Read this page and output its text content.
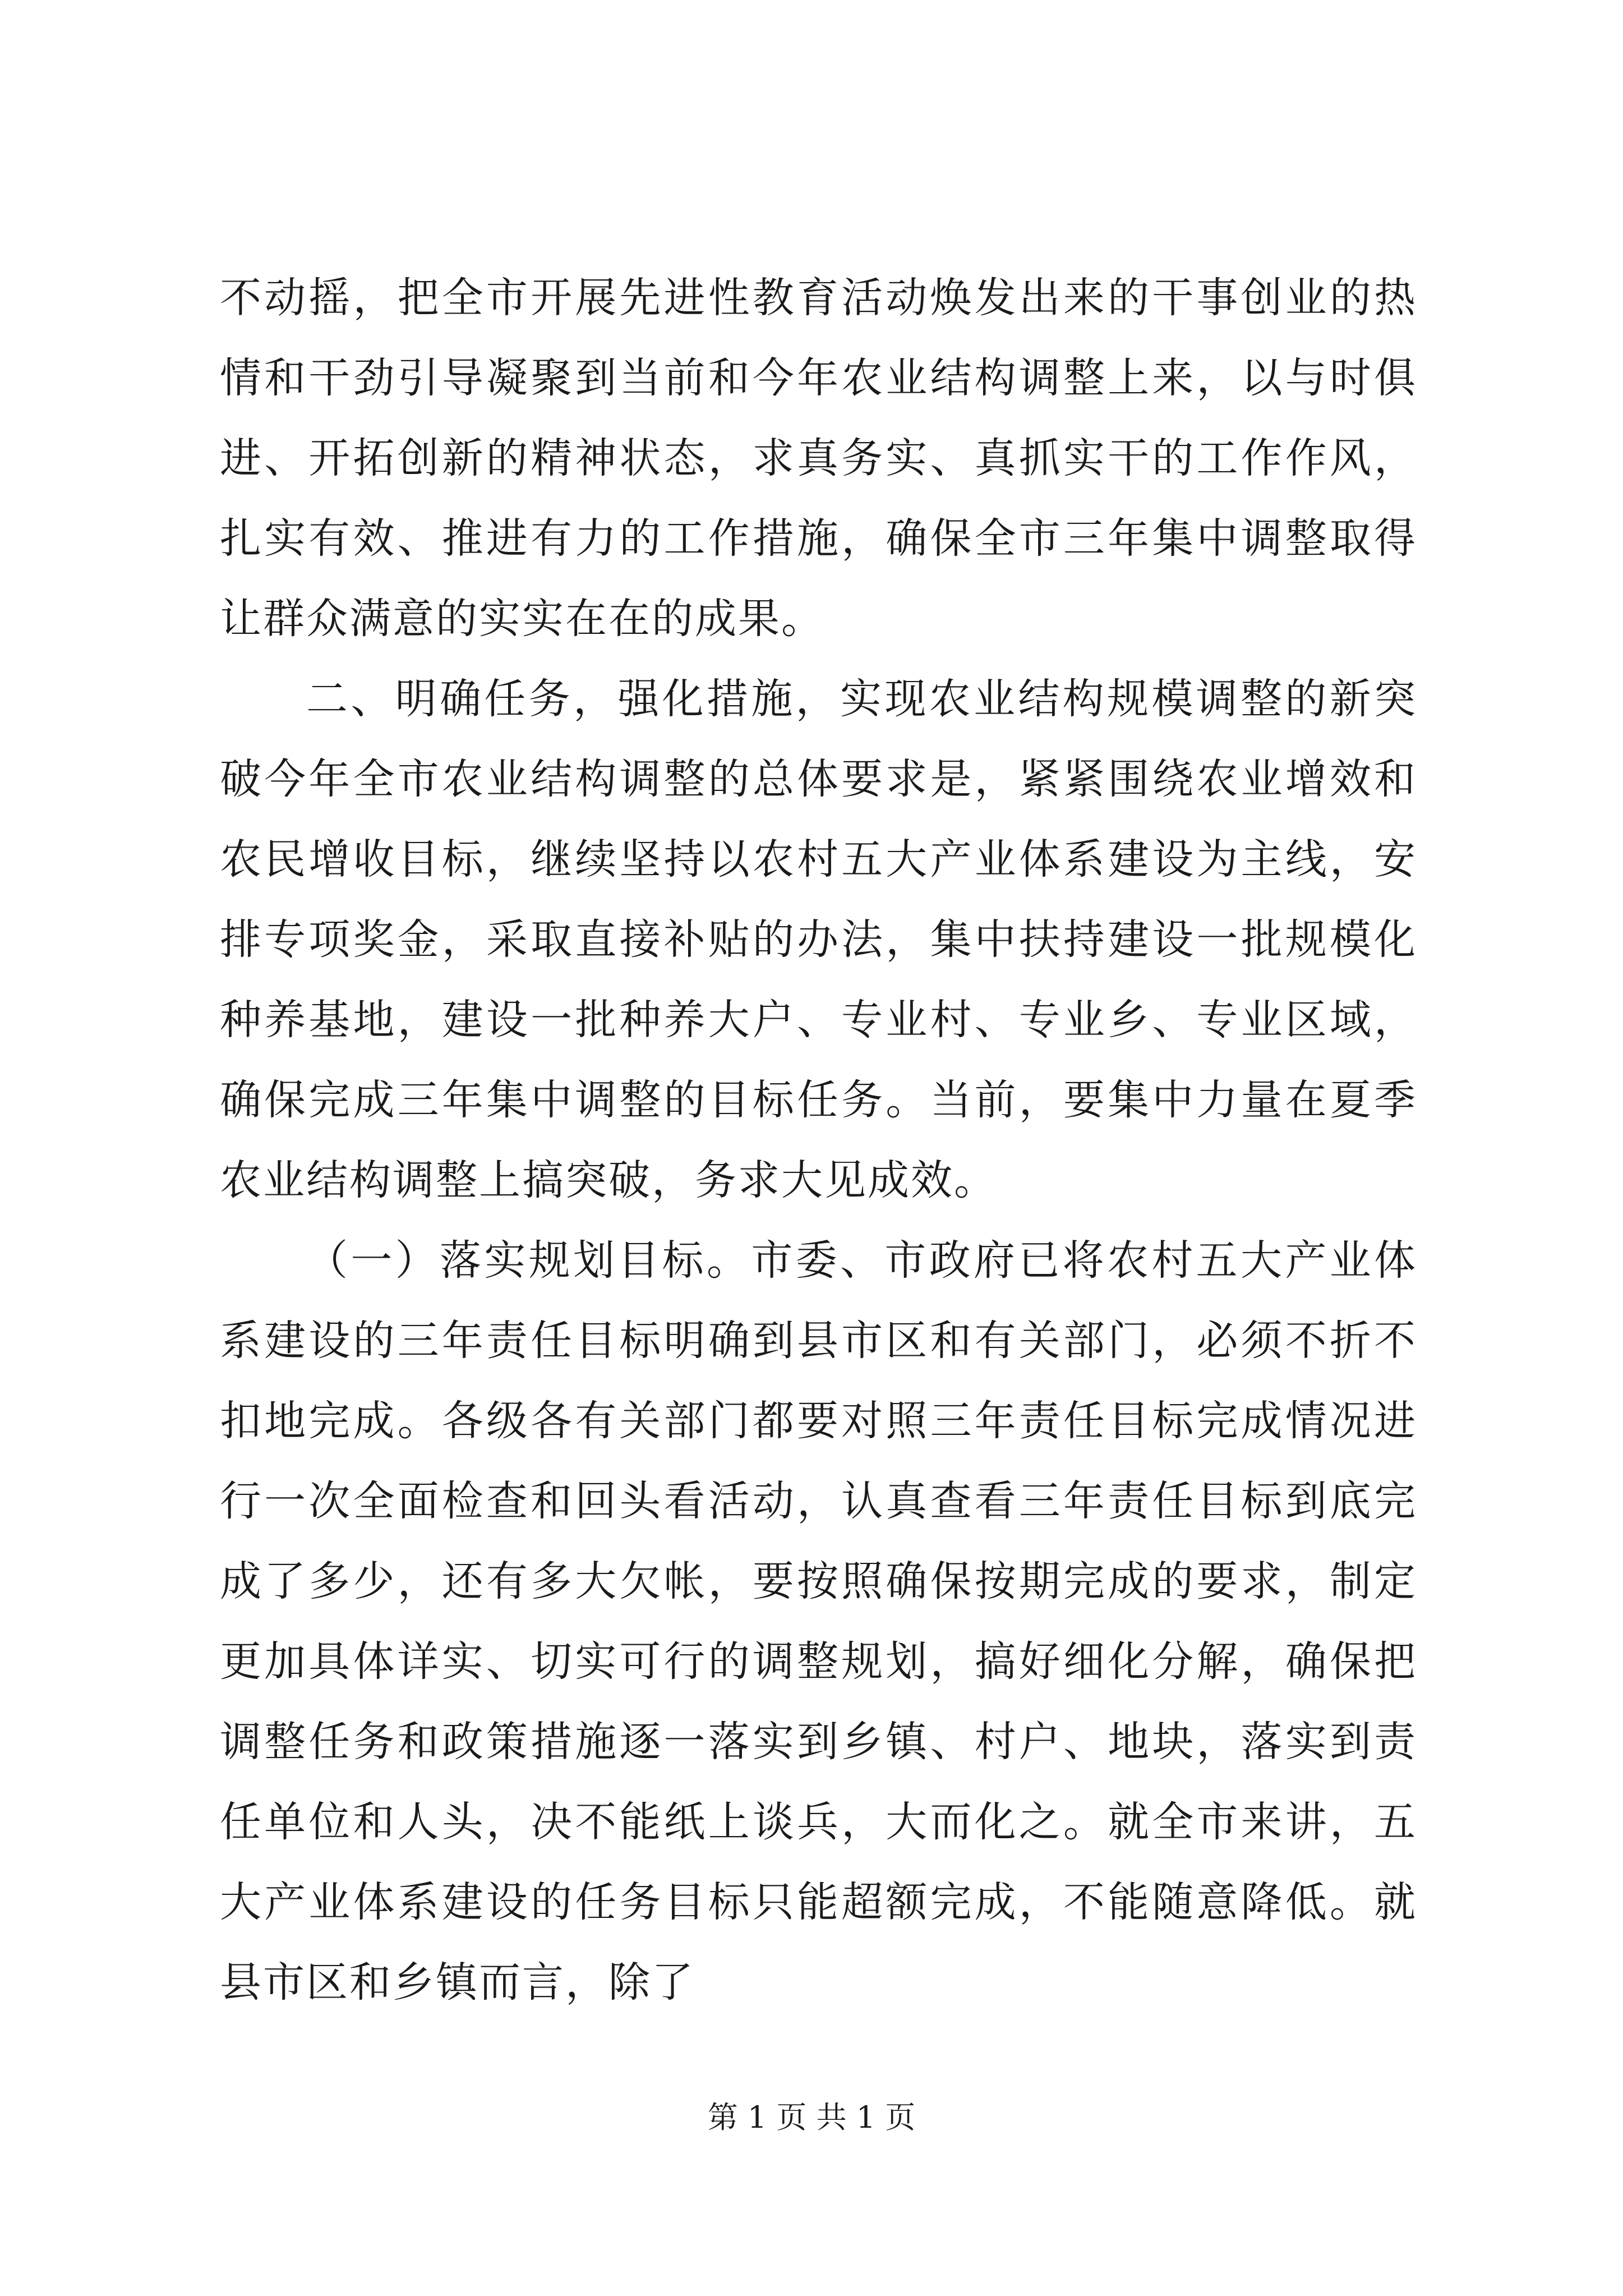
不动摇，把全市开展先进性教育活动焕发出来的干事创业的热情和干劲引导凝聚到当前和今年农业结构调整上来，以与时俱进、开拓创新的精神状态，求真务实、真抓实干的工作作风，扎实有效、推进有力的工作措施，确保全市三年集中调整取得让群众满意的实实在在的成果。

二、明确任务，强化措施，实现农业结构规模调整的新突破今年全市农业结构调整的总体要求是，紧紧围绕农业增效和农民增收目标，继续坚持以农村五大产业体系建设为主线，安排专项奖金，采取直接补贴的办法，集中扶持建设一批规模化种养基地，建设一批种养大户、专业村、专业乡、专业区域，确保完成三年集中调整的目标任务。当前，要集中力量在夏季农业结构调整上搞突破，务求大见成效。

（一）落实规划目标。市委、市政府已将农村五大产业体系建设的三年责任目标明确到县市区和有关部门，必须不折不扣地完成。各级各有关部门都要对照三年责任目标完成情况进行一次全面检查和回头看活动，认真查看三年责任目标到底完成了多少，还有多大欠帐，要按照确保按期完成的要求，制定更加具体详实、切实可行的调整规划，搞好细化分解，确保把调整任务和政策措施逐一落实到乡镇、村户、地块，落实到责任单位和人头，决不能纸上谈兵，大而化之。就全市来讲，五大产业体系建设的任务目标只能超额完成，不能随意降低。就县市区和乡镇而言，除了

第 1 页 共 1 页
